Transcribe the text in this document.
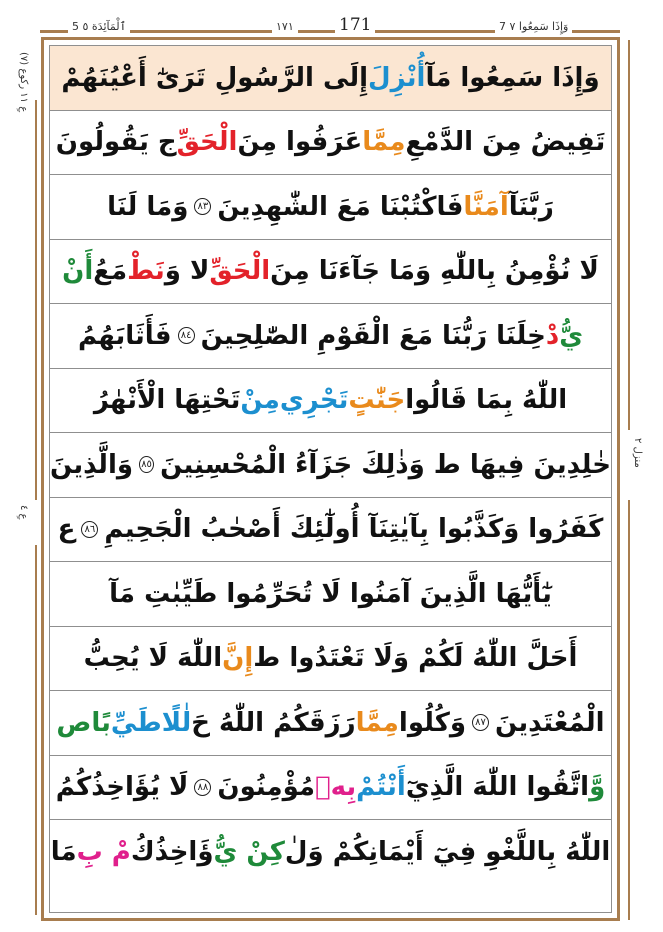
5 ٱلْمَآئِدَة ٥	١٧١	171	7 وَإِذَا سَمِعُوا ٧
(٧) عِ ١١ ركوع
عِ ٤
منزل ٢
وَإِذَا سَمِعُوا مَآ
أُنْزِلَ
إِلَى الرَّسُولِ تَرَىٰٓ أَعْيُنَهُمْ
تَفِيضُ مِنَ الدَّمْعِ
مِمَّا
عَرَفُوا مِنَ
الْحَقِّ
ج يَقُولُونَ
رَبَّنَآ
آمَنَّا
فَاكْتُبْنَا مَعَ الشّٰهِدِينَ
٨٣
وَمَا لَنَا
لَا نُؤْمِنُ بِاللّٰهِ وَمَا جَآءَنَا مِنَ
الْحَقِّ
لا وَ
نَطْ
مَعُ
أَنْ
يُّ
دْ
خِلَنَا رَبُّنَا مَعَ الْقَوْمِ الصّٰلِحِينَ
٨٤
فَأَثَابَهُمُ
اللّٰهُ بِمَا قَالُوا
جَنّٰتٍ
تَجْرِي
مِنْ
تَحْتِهَا الْأَنْهٰرُ
خٰلِدِينَ فِيهَا ط وَذٰلِكَ جَزَآءُ الْمُحْسِنِينَ
٨٥
وَالَّذِينَ
كَفَرُوا وَكَذَّبُوا بِآيٰتِنَآ أُولٰٓئِكَ أَصْحٰبُ الْجَحِيمِ
٨٦
ع
يٰٓأَيُّهَا الَّذِينَ آمَنُوا لَا تُحَرِّمُوا طَيِّبٰتِ مَآ
أَحَلَّ اللّٰهُ لَكُمْ وَلَا تَعْتَدُوا ط
إِنَّ
اللّٰهَ لَا يُحِبُّ
الْمُعْتَدِينَ
٨٧
وَكُلُوا
مِمَّا
رَزَقَكُمُ اللّٰهُ حَ
لٰلًا
طَيِّ
بًا
ص
وَّ
اتَّقُوا اللّٰهَ الَّذِيٓ
أَنْتُمْ
بِهٖ
مُؤْمِنُونَ
٨٨
لَا يُؤَاخِذُكُمُ
اللّٰهُ بِاللَّغْوِ فِيٓ أَيْمَانِكُمْ وَلٰ
كِنْ يُّ
ؤَاخِذُكُ
مْ بِ
مَا
